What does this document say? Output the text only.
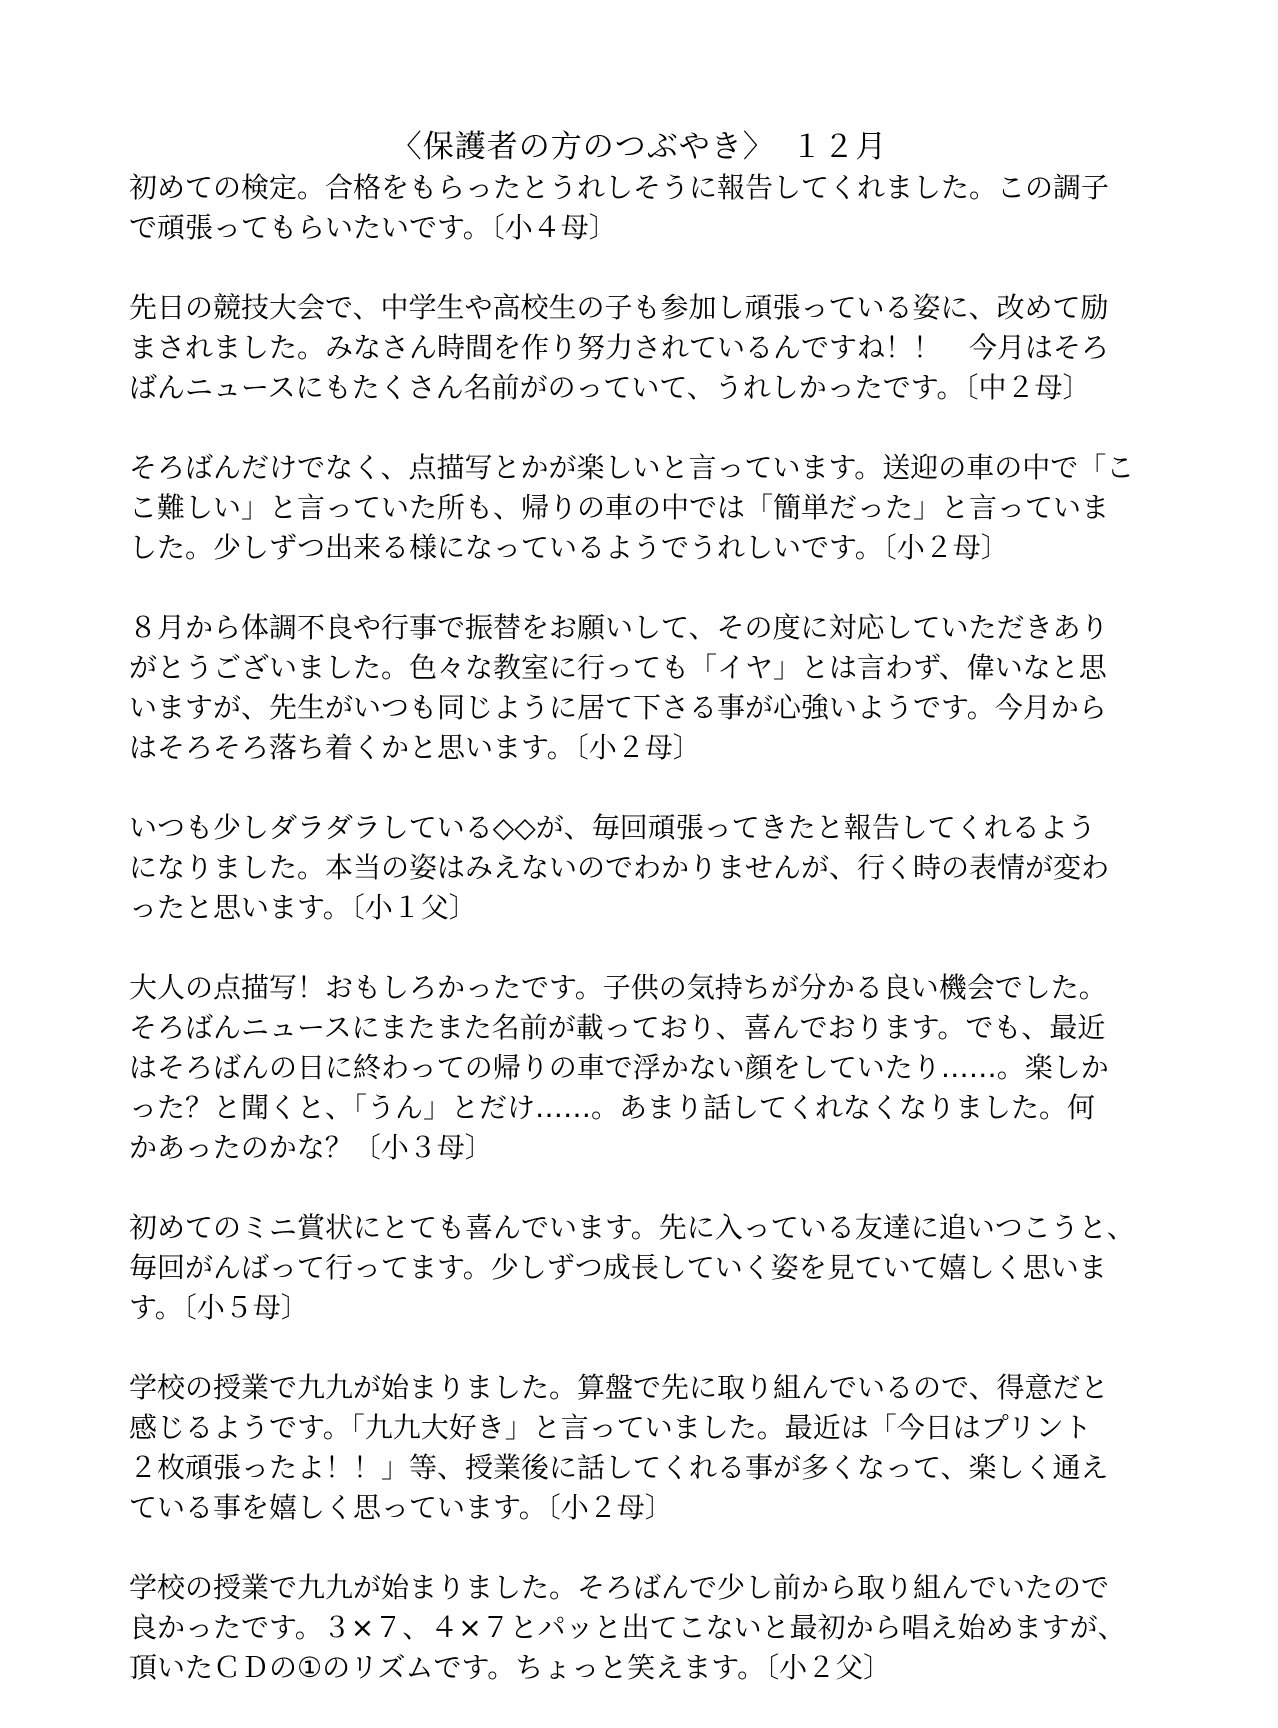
〈保護者の方のつぶやき〉　１２月
初めての検定。合格をもらったとうれしそうに報告してくれました。この調子
で頑張ってもらいたいです。〔小４母〕
先日の競技大会で、中学生や高校生の子も参加し頑張っている姿に、改めて励
まされました。みなさん時間を作り努力されているんですね！！　今月はそろ
ばんニュースにもたくさん名前がのっていて、うれしかったです。〔中２母〕
そろばんだけでなく、点描写とかが楽しいと言っています。送迎の車の中で「こ
こ難しい」と言っていた所も、帰りの車の中では「簡単だった」と言っていま
した。少しずつ出来る様になっているようでうれしいです。〔小２母〕
８月から体調不良や行事で振替をお願いして、その度に対応していただきあり
がとうございました。色々な教室に行っても「イヤ」とは言わず、偉いなと思
いますが、先生がいつも同じように居て下さる事が心強いようです。今月から
はそろそろ落ち着くかと思います。〔小２母〕
いつも少しダラダラしている◇◇が、毎回頑張ってきたと報告してくれるよう
になりました。本当の姿はみえないのでわかりませんが、行く時の表情が変わ
ったと思います。〔小１父〕
大人の点描写！おもしろかったです。子供の気持ちが分かる良い機会でした。
そろばんニュースにまたまた名前が載っており、喜んでおります。でも、最近
はそろばんの日に終わっての帰りの車で浮かない顔をしていたり……。楽しか
った？と聞くと、「うん」とだけ……。あまり話してくれなくなりました。何
かあったのかな？〔小３母〕
初めてのミニ賞状にとても喜んでいます。先に入っている友達に追いつこうと、
毎回がんばって行ってます。少しずつ成長していく姿を見ていて嬉しく思いま
す。〔小５母〕
学校の授業で九九が始まりました。算盤で先に取り組んでいるので、得意だと
感じるようです。「九九大好き」と言っていました。最近は「今日はプリント
２枚頑張ったよ！！」等、授業後に話してくれる事が多くなって、楽しく通え
ている事を嬉しく思っています。〔小２母〕
学校の授業で九九が始まりました。そろばんで少し前から取り組んでいたので
良かったです。３×７、４×７とパッと出てこないと最初から唱え始めますが、
頂いたＣＤの①のリズムです。ちょっと笑えます。〔小２父〕
